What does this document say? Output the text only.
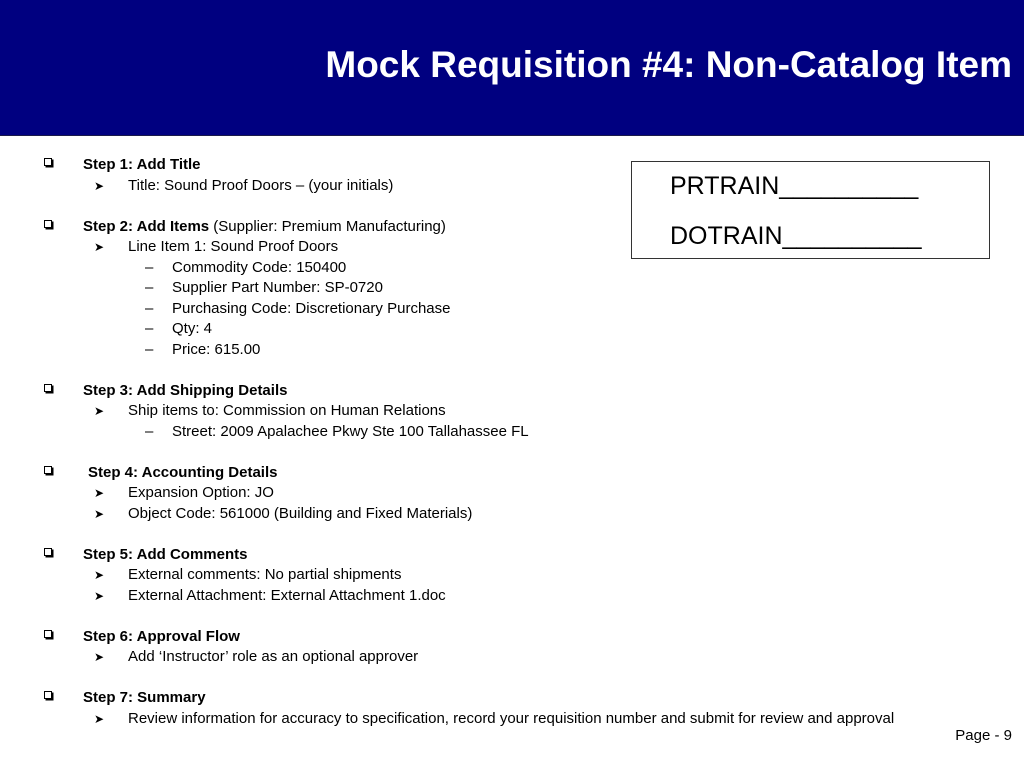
Mock Requisition #4: Non-Catalog Item
Step 1: Add Title
➤ Title: Sound Proof Doors – (your initials)
Step 2: Add Items (Supplier: Premium Manufacturing)
➤ Line Item 1: Sound Proof Doors
– Commodity Code: 150400
– Supplier Part Number: SP-0720
– Purchasing Code: Discretionary Purchase
– Qty: 4
– Price: 615.00
Step 3: Add Shipping Details
➤ Ship items to: Commission on Human Relations
– Street: 2009 Apalachee Pkwy Ste 100 Tallahassee FL
Step 4: Accounting Details
➤ Expansion Option: JO
➤ Object Code: 561000 (Building and Fixed Materials)
Step 5: Add Comments
➤ External comments: No partial shipments
➤ External Attachment: External Attachment 1.doc
Step 6: Approval Flow
➤ Add ‘Instructor’ role as an optional approver
Step 7: Summary
➤ Review information for accuracy to specification, record your requisition number and submit for review and approval
PRTRAIN__________
DOTRAIN__________
Page - 9
